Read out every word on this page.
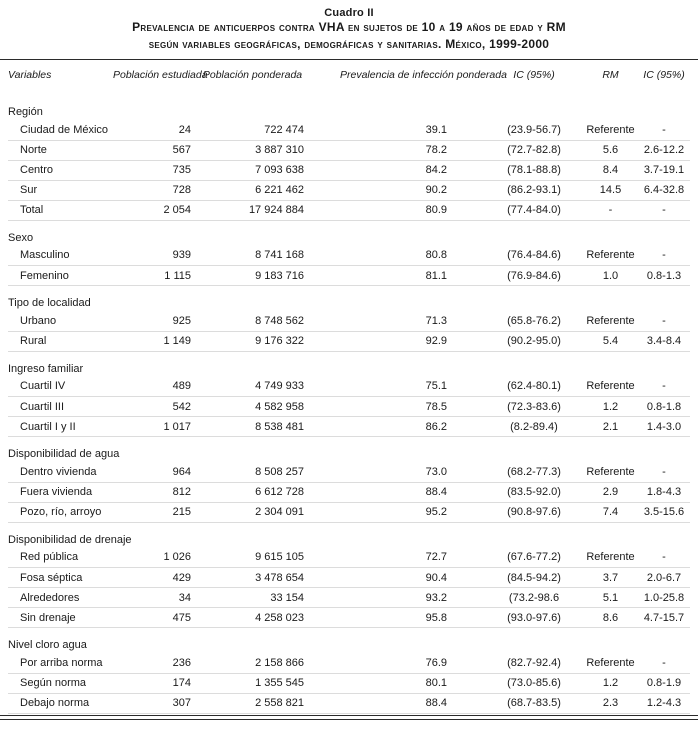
Cuadro II
Prevalencia de anticuerpos contra VHA en sujetos de 10 a 19 años de edad y RM
según variables geográficas, demográficas y sanitarias. México, 1999-2000
Variables	Población estudiada	Población ponderada	Prevalencia de infección ponderada	IC (95%)	RM	IC (95%)
Región						
Ciudad de México	24	722 474	39.1	(23.9-56.7)	Referente	-
Norte	567	3 887 310	78.2	(72.7-82.8)	5.6	2.6-12.2
Centro	735	7 093 638	84.2	(78.1-88.8)	8.4	3.7-19.1
Sur	728	6 221 462	90.2	(86.2-93.1)	14.5	6.4-32.8
Total	2 054	17 924 884	80.9	(77.4-84.0)	-	-
Sexo						
Masculino	939	8 741 168	80.8	(76.4-84.6)	Referente	-
Femenino	1 115	9 183 716	81.1	(76.9-84.6)	1.0	0.8-1.3
Tipo de localidad						
Urbano	925	8 748 562	71.3	(65.8-76.2)	Referente	-
Rural	1 149	9 176 322	92.9	(90.2-95.0)	5.4	3.4-8.4
Ingreso familiar						
Cuartil IV	489	4 749 933	75.1	(62.4-80.1)	Referente	-
Cuartil III	542	4 582 958	78.5	(72.3-83.6)	1.2	0.8-1.8
Cuartil I y II	1 017	8 538 481	86.2	(8.2-89.4)	2.1	1.4-3.0
Disponibilidad de agua						
Dentro vivienda	964	8 508 257	73.0	(68.2-77.3)	Referente	-
Fuera vivienda	812	6 612 728	88.4	(83.5-92.0)	2.9	1.8-4.3
Pozo, río, arroyo	215	2 304 091	95.2	(90.8-97.6)	7.4	3.5-15.6
Disponibilidad de drenaje						
Red pública	1 026	9 615 105	72.7	(67.6-77.2)	Referente	-
Fosa séptica	429	3 478 654	90.4	(84.5-94.2)	3.7	2.0-6.7
Alrededores	34	33 154	93.2	(73.2-98.6	5.1	1.0-25.8
Sin drenaje	475	4 258 023	95.8	(93.0-97.6)	8.6	4.7-15.7
Nivel cloro agua						
Por arriba norma	236	2 158 866	76.9	(82.7-92.4)	Referente	-
Según norma	174	1 355 545	80.1	(73.0-85.6)	1.2	0.8-1.9
Debajo norma	307	2 558 821	88.4	(68.7-83.5)	2.3	1.2-4.3
